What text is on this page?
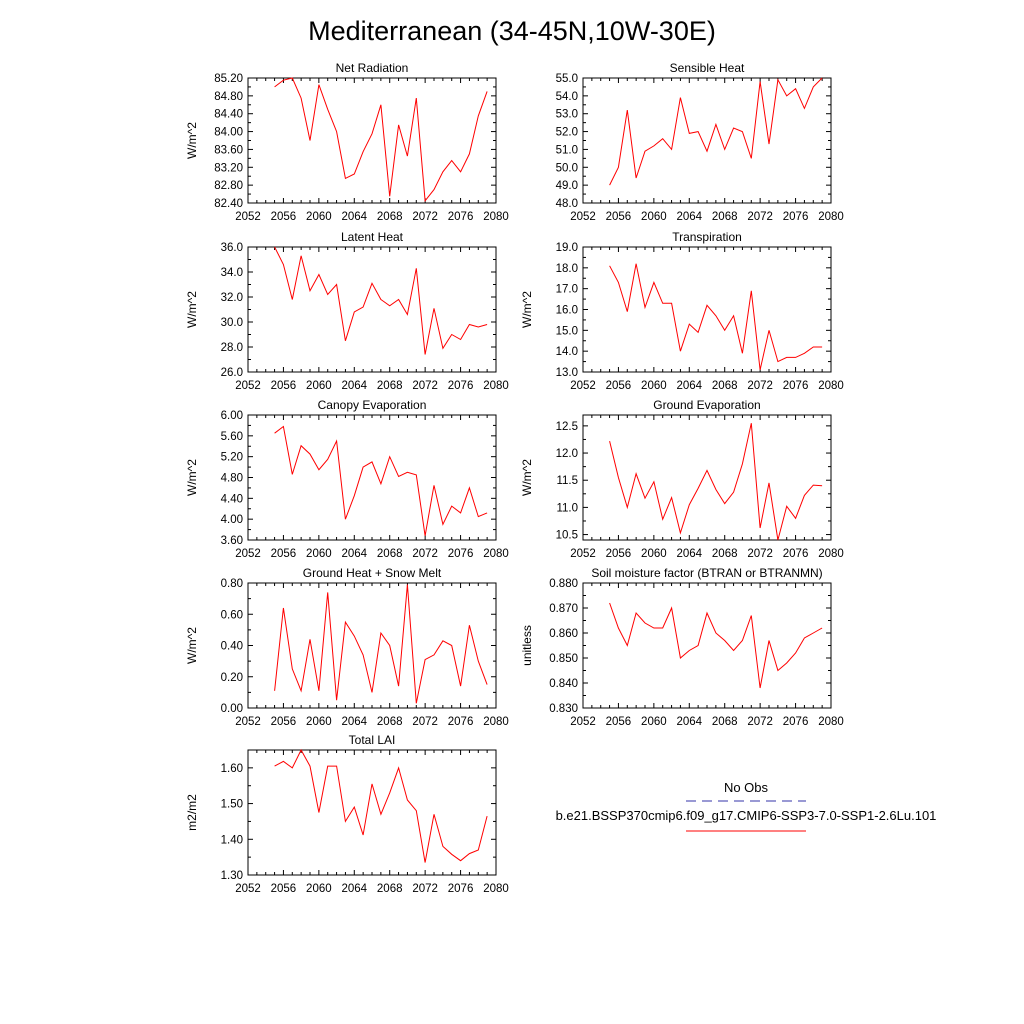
Mediterranean (34-45N,10W-30E)
Net Radiation
W/m^2
2052 2056 2060 2064 2068 2072 2076 2080
82.40
82.80
83.20
83.60
84.00
84.40
84.80
85.20
Sensible Heat
2052 2056 2060 2064 2068 2072 2076 2080
48.0
49.0
50.0
51.0
52.0
53.0
54.0
55.0
Latent Heat
W/m^2
2052 2056 2060 2064 2068 2072 2076 2080
26.0
28.0
30.0
32.0
34.0
36.0
Transpiration
W/m^2
2052 2056 2060 2064 2068 2072 2076 2080
13.0
14.0
15.0
16.0
17.0
18.0
19.0
Canopy Evaporation
W/m^2
2052 2056 2060 2064 2068 2072 2076 2080
3.60
4.00
4.40
4.80
5.20
5.60
6.00
Ground Evaporation
W/m^2
2052 2056 2060 2064 2068 2072 2076 2080
10.5
11.0
11.5
12.0
12.5
Ground Heat + Snow Melt
W/m^2
2052 2056 2060 2064 2068 2072 2076 2080
0.00
0.20
0.40
0.60
0.80
Soil moisture factor (BTRAN or BTRANMN)
unitless
2052 2056 2060 2064 2068 2072 2076 2080
0.830
0.840
0.850
0.860
0.870
0.880
Total LAI
m2/m2
2052 2056 2060 2064 2068 2072 2076 2080
1.30
1.40
1.50
1.60
No Obs
b.e21.BSSP370cmip6.f09_g17.CMIP6-SSP3-7.0-SSP1-2.6Lu.101
